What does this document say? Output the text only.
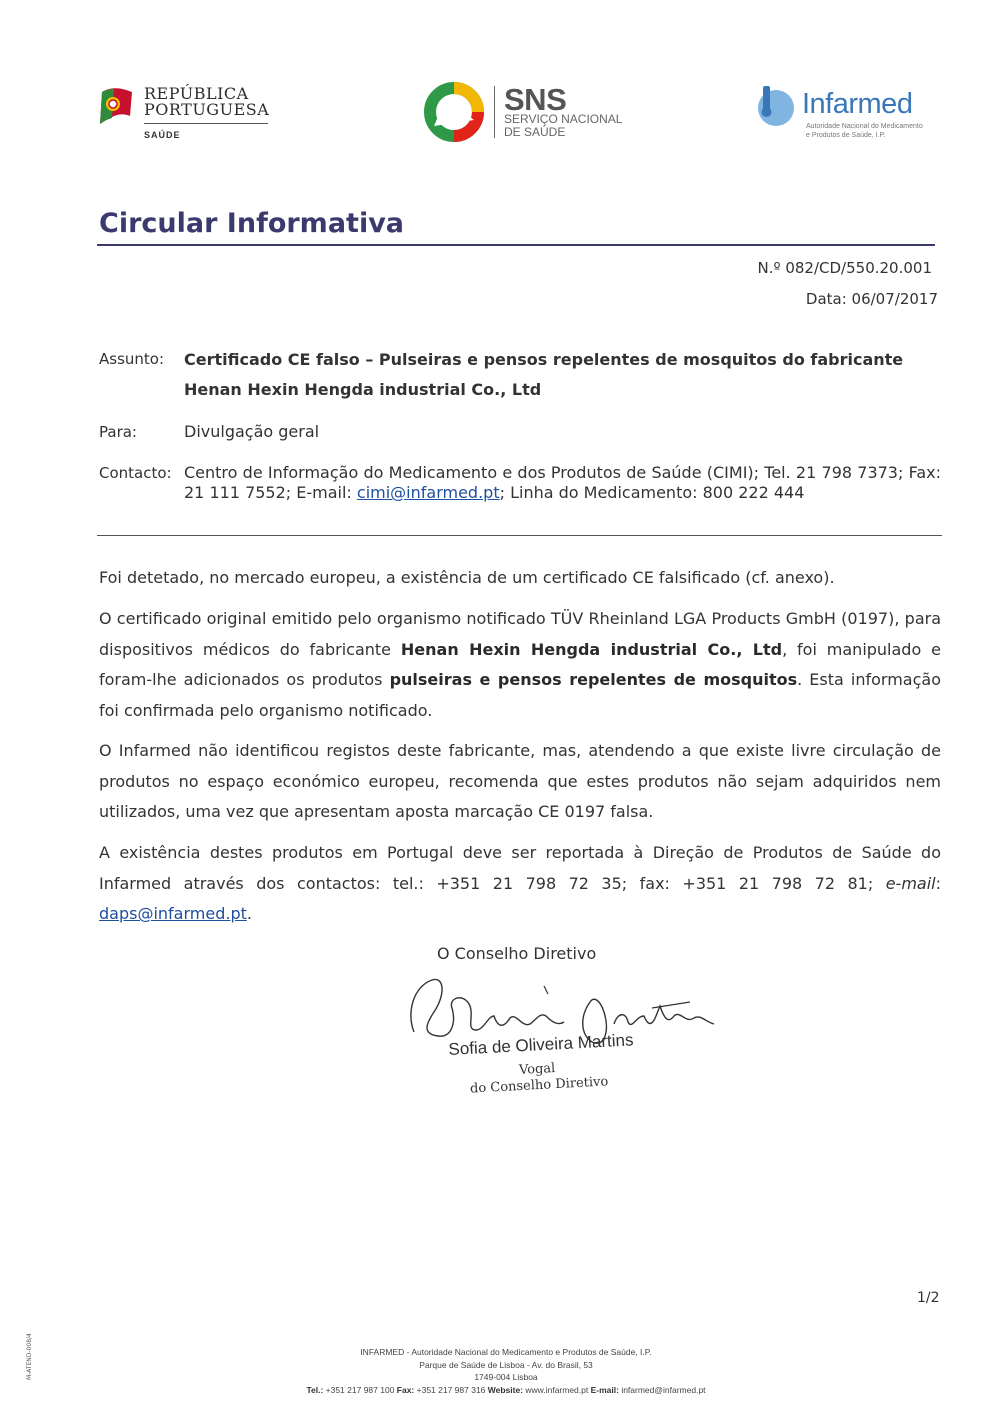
REPÚBLICA
PORTUGUESA
SAÚDE
SNS
SERVIÇO NACIONAL
DE SAÚDE
Infarmed
Autoridade Nacional do Medicamento
e Produtos de Saúde, I.P.
Circular Informativa
N.º 082/CD/550.20.001
Data: 06/07/2017
Assunto: Certificado CE falso – Pulseiras e pensos repelentes de mosquitos do fabricante
Henan Hexin Hengda industrial Co., Ltd
Para:	Divulgação geral
Contacto: Centro de Informação do Medicamento e dos Produtos de Saúde (CIMI); Tel. 21 798 7373; Fax: 21 111 7552; E-mail: cimi@infarmed.pt; Linha do Medicamento: 800 222 444
Foi detetado, no mercado europeu, a existência de um certificado CE falsificado (cf. anexo).
O certificado original emitido pelo organismo notificado TÜV Rheinland LGA Products GmbH (0197), para dispositivos médicos do fabricante Henan Hexin Hengda industrial Co., Ltd, foi manipulado e foram-lhe adicionados os produtos pulseiras e pensos repelentes de mosquitos. Esta informação foi confirmada pelo organismo notificado.
O Infarmed não identificou registos deste fabricante, mas, atendendo a que existe livre circulação de produtos no espaço económico europeu, recomenda que estes produtos não sejam adquiridos nem utilizados, uma vez que apresentam aposta marcação CE 0197 falsa.
A existência destes produtos em Portugal deve ser reportada à Direção de Produtos de Saúde do Infarmed através dos contactos: tel.: +351 21 798 72 35; fax: +351 21 798 72 81; e-mail: daps@infarmed.pt.
O Conselho Diretivo
Sofia de Oliveira Martins
Vogal
do Conselho Diretivo
1/2
M-ATEND-008/4	INFARMED - Autoridade Nacional do Medicamento e Produtos de Saúde, I.P.
Parque de Saúde de Lisboa - Av. do Brasil, 53
1749-004 Lisboa
Tel.: +351 217 987 100 Fax: +351 217 987 316 Website: www.infarmed.pt E-mail: infarmed@infarmed.pt
